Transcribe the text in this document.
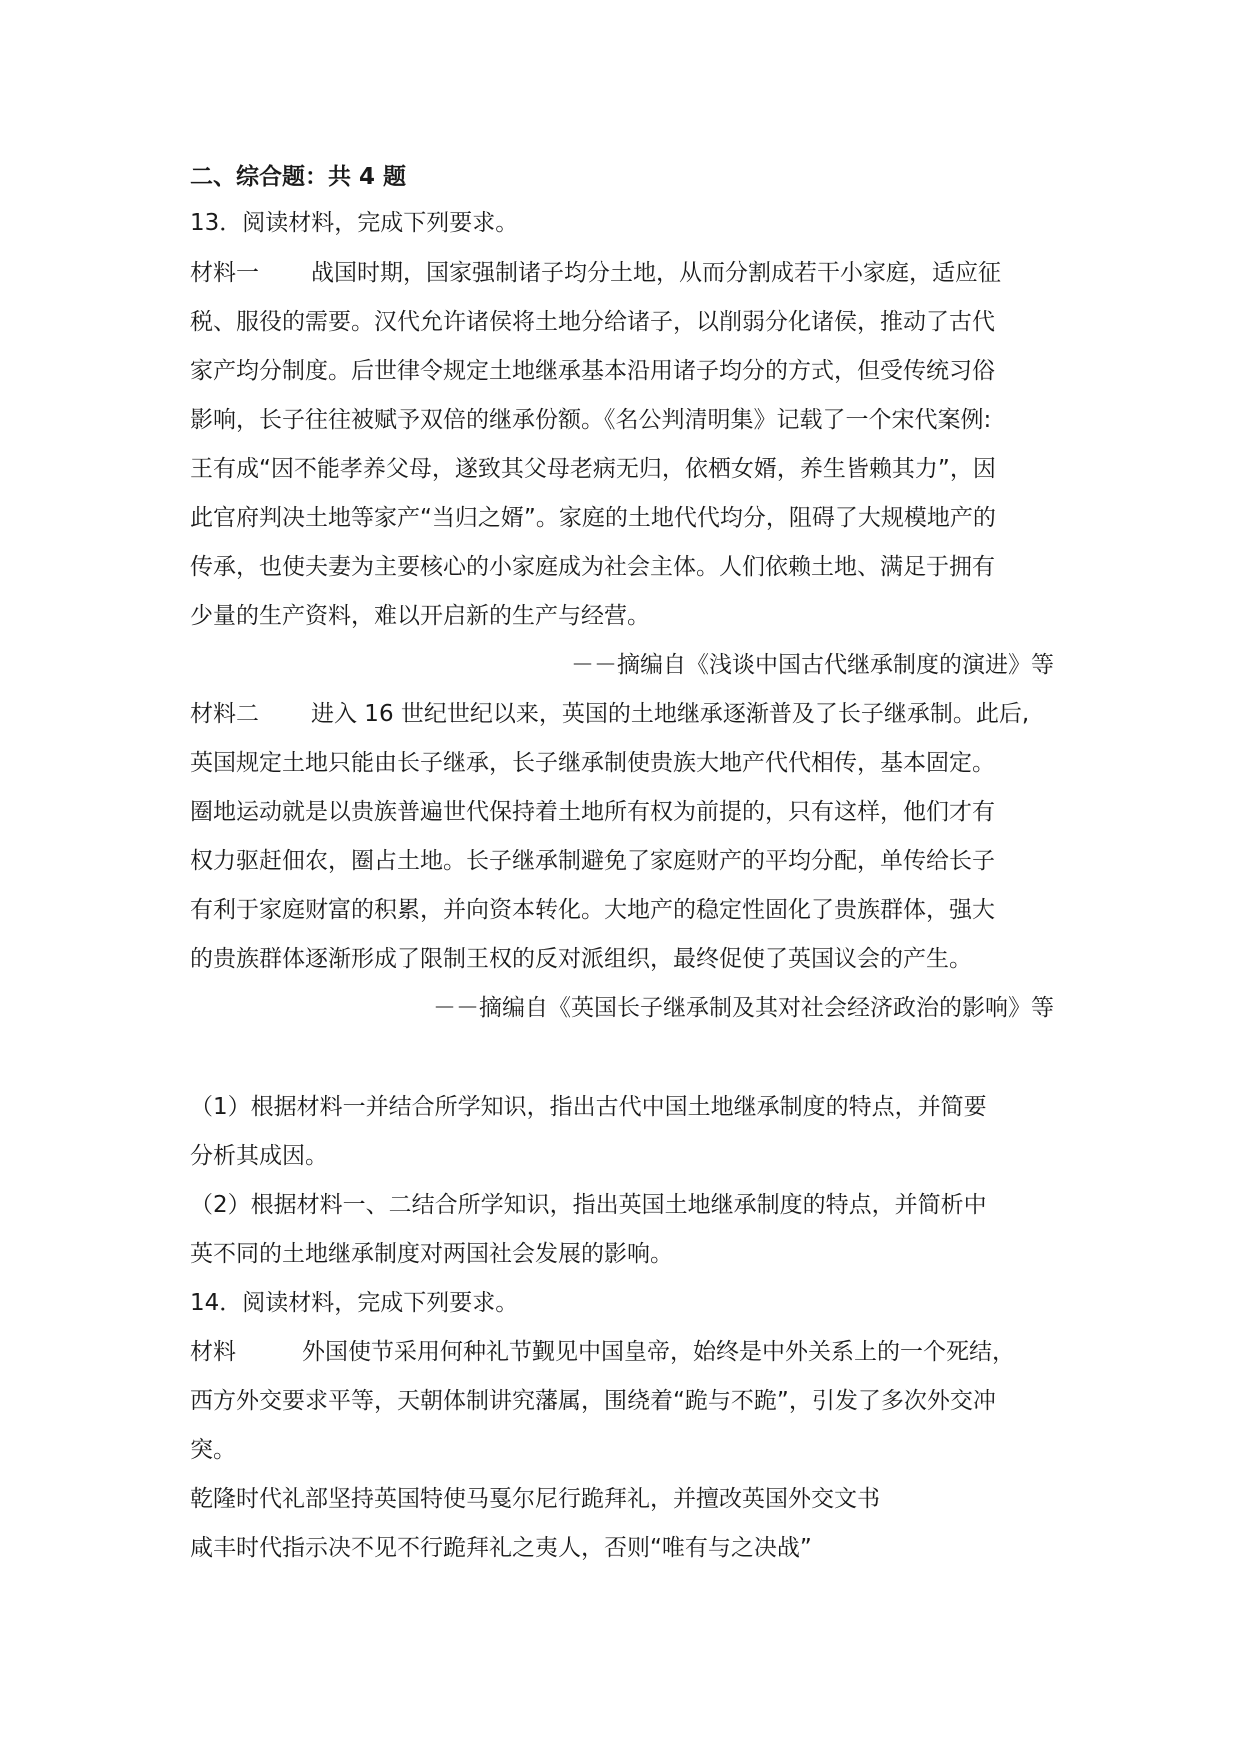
二、综合题：共 4 题
13．阅读材料，完成下列要求。
材料一 战国时期，国家强制诸子均分土地，从而分割成若干小家庭，适应征
税、服役的需要。汉代允许诸侯将土地分给诸子，以削弱分化诸侯，推动了古代
家产均分制度。后世律令规定土地继承基本沿用诸子均分的方式，但受传统习俗
影响，长子往往被赋予双倍的继承份额。《名公判清明集》记载了一个宋代案例:
王有成“因不能孝养父母，遂致其父母老病无归，依栖女婿，养生皆赖其力”，因
此官府判决土地等家产“当归之婿”。家庭的土地代代均分，阻碍了大规模地产的
传承，也使夫妻为主要核心的小家庭成为社会主体。人们依赖土地、满足于拥有
少量的生产资料，难以开启新的生产与经营。
－－摘编自《浅谈中国古代继承制度的演进》等
材料二 进入 16 世纪世纪以来，英国的土地继承逐渐普及了长子继承制。此后,
英国规定土地只能由长子继承，长子继承制使贵族大地产代代相传，基本固定。
圈地运动就是以贵族普遍世代保持着土地所有权为前提的，只有这样，他们才有
权力驱赶佃农，圈占土地。长子继承制避免了家庭财产的平均分配，单传给长子
有利于家庭财富的积累，并向资本转化。大地产的稳定性固化了贵族群体，强大
的贵族群体逐渐形成了限制王权的反对派组织，最终促使了英国议会的产生。
－－摘编自《英国长子继承制及其对社会经济政治的影响》等
（1）根据材料一并结合所学知识，指出古代中国土地继承制度的特点，并简要
分析其成因。
（2）根据材料一、二结合所学知识，指出英国土地继承制度的特点，并简析中
英不同的土地继承制度对两国社会发展的影响。
14．阅读材料，完成下列要求。
材料	外国使节采用何种礼节觐见中国皇帝，始终是中外关系上的一个死结，
西方外交要求平等，天朝体制讲究藩属，围绕着“跪与不跪”，引发了多次外交冲
突。
乾隆时代礼部坚持英国特使马戛尔尼行跪拜礼，并擅改英国外交文书
咸丰时代指示决不见不行跪拜礼之夷人，否则“唯有与之决战”
